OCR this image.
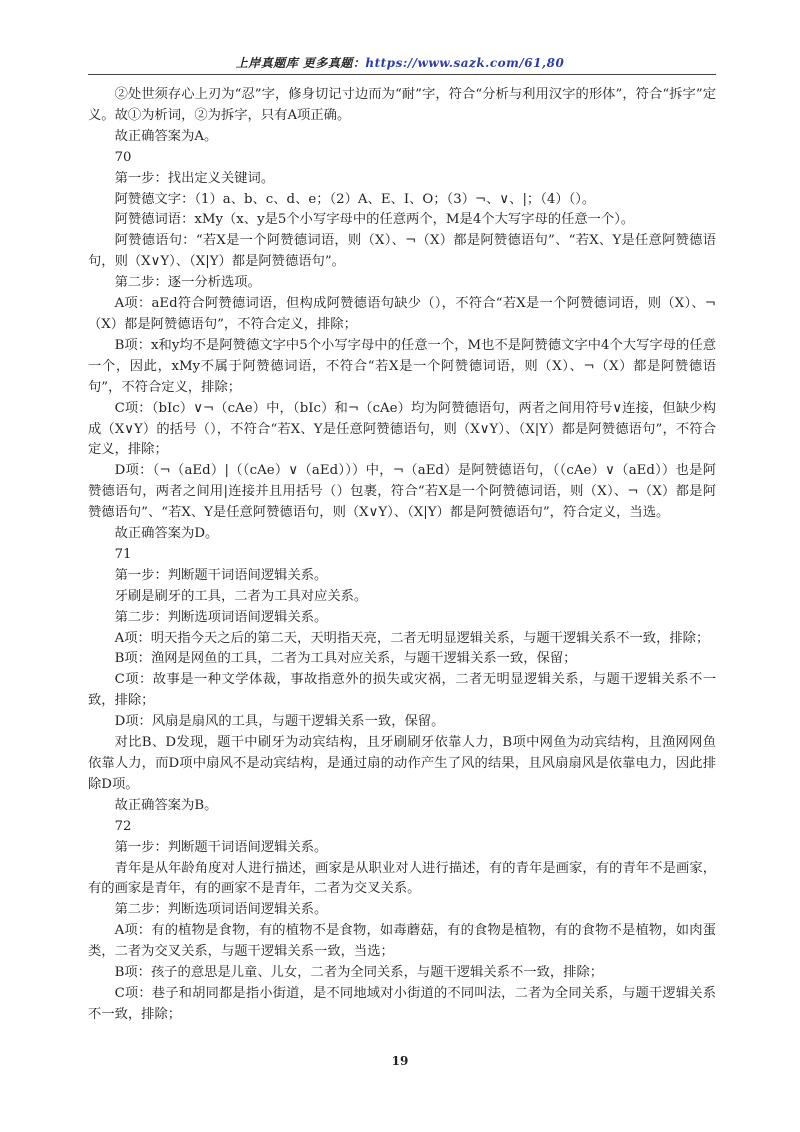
上岸真题库 更多真题：https://www.sazk.com/61,80

②处世须存心上刃为“忍”字，修身切记寸边而为“耐”字，符合“分析与利用汉字的形体”，符合“拆字”定义。故①为析词，②为拆字，只有A项正确。

故正确答案为A。

70

第一步：找出定义关键词。

阿赞德文字：（1）a、b、c、d、e；（2）A、E、I、O；（3）¬、∨、|；（4）（）。

阿赞德词语：xMy（x、y是5个小写字母中的任意两个，M是4个大写字母的任意一个）。

阿赞德语句：“若X是一个阿赞德词语，则（X）、¬（X）都是阿赞德语句”、“若X、Y是任意阿赞德语句，则（X∨Y）、（X|Y）都是阿赞德语句”。

第二步：逐一分析选项。

A项：aEd符合阿赞德词语，但构成阿赞德语句缺少（），不符合“若X是一个阿赞德词语，则（X）、¬（X）都是阿赞德语句”，不符合定义，排除；

B项：x和y均不是阿赞德文字中5个小写字母中的任意一个，M也不是阿赞德文字中4个大写字母的任意一个，因此，xMy不属于阿赞德词语，不符合“若X是一个阿赞德词语，则（X）、¬（X）都是阿赞德语句”，不符合定义，排除；

C项：（bIc）∨¬（cAe）中，（bIc）和¬（cAe）均为阿赞德语句，两者之间用符号∨连接，但缺少构成（X∨Y）的括号（），不符合“若X、Y是任意阿赞德语句，则（X∨Y）、（X|Y）都是阿赞德语句”，不符合定义，排除；

D项：（¬（aEd）|（（cAe）∨（aEd）））中，¬（aEd）是阿赞德语句，（（cAe）∨（aEd））也是阿赞德语句，两者之间用|连接并且用括号（）包裹，符合“若X是一个阿赞德词语，则（X）、¬（X）都是阿赞德语句”、“若X、Y是任意阿赞德语句，则（X∨Y）、（X|Y）都是阿赞德语句”，符合定义，当选。

故正确答案为D。

71

第一步：判断题干词语间逻辑关系。

牙刷是刷牙的工具，二者为工具对应关系。

第二步：判断选项词语间逻辑关系。

A项：明天指今天之后的第二天，天明指天亮，二者无明显逻辑关系，与题干逻辑关系不一致，排除；

B项：渔网是网鱼的工具，二者为工具对应关系，与题干逻辑关系一致，保留；

C项：故事是一种文学体裁，事故指意外的损失或灾祸，二者无明显逻辑关系，与题干逻辑关系不一致，排除；

D项：风扇是扇风的工具，与题干逻辑关系一致，保留。

对比B、D发现，题干中刷牙为动宾结构，且牙刷刷牙依靠人力，B项中网鱼为动宾结构，且渔网网鱼依靠人力，而D项中扇风不是动宾结构，是通过扇的动作产生了风的结果，且风扇扇风是依靠电力，因此排除D项。

故正确答案为B。

72

第一步：判断题干词语间逻辑关系。

青年是从年龄角度对人进行描述，画家是从职业对人进行描述，有的青年是画家，有的青年不是画家，有的画家是青年，有的画家不是青年，二者为交叉关系。

第二步：判断选项词语间逻辑关系。

A项：有的植物是食物，有的植物不是食物，如毒蘑菇，有的食物是植物，有的食物不是植物，如肉蛋类，二者为交叉关系，与题干逻辑关系一致，当选；

B项：孩子的意思是儿童、儿女，二者为全同关系，与题干逻辑关系不一致，排除；

C项：巷子和胡同都是指小街道，是不同地域对小街道的不同叫法，二者为全同关系，与题干逻辑关系不一致，排除；

19
